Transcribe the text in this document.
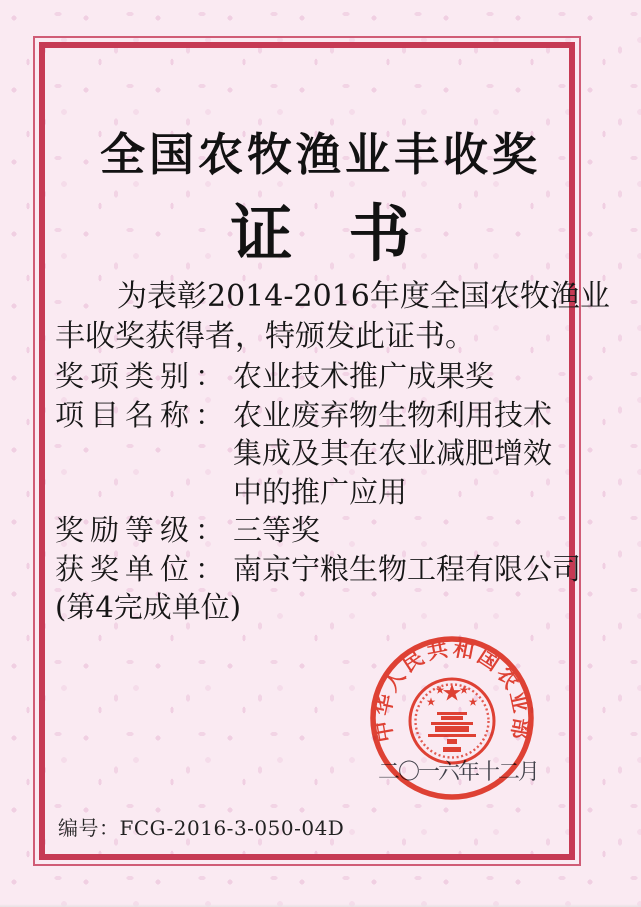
全国农牧渔业丰收奖
证 书

为表彰2014-2016年度全国农牧渔业
丰收奖获得者，特颁发此证书。

奖项类别： 农业技术推广成果奖
项目名称： 农业废弃物生物利用技术
集成及其在农业减肥增效
中的推广应用
奖励等级： 三等奖
获奖单位： 南京宁粮生物工程有限公司
(第4完成单位)
二〇一六年十二月
中华人民共和国农业部
编号：FCG-2016-3-050-04D
